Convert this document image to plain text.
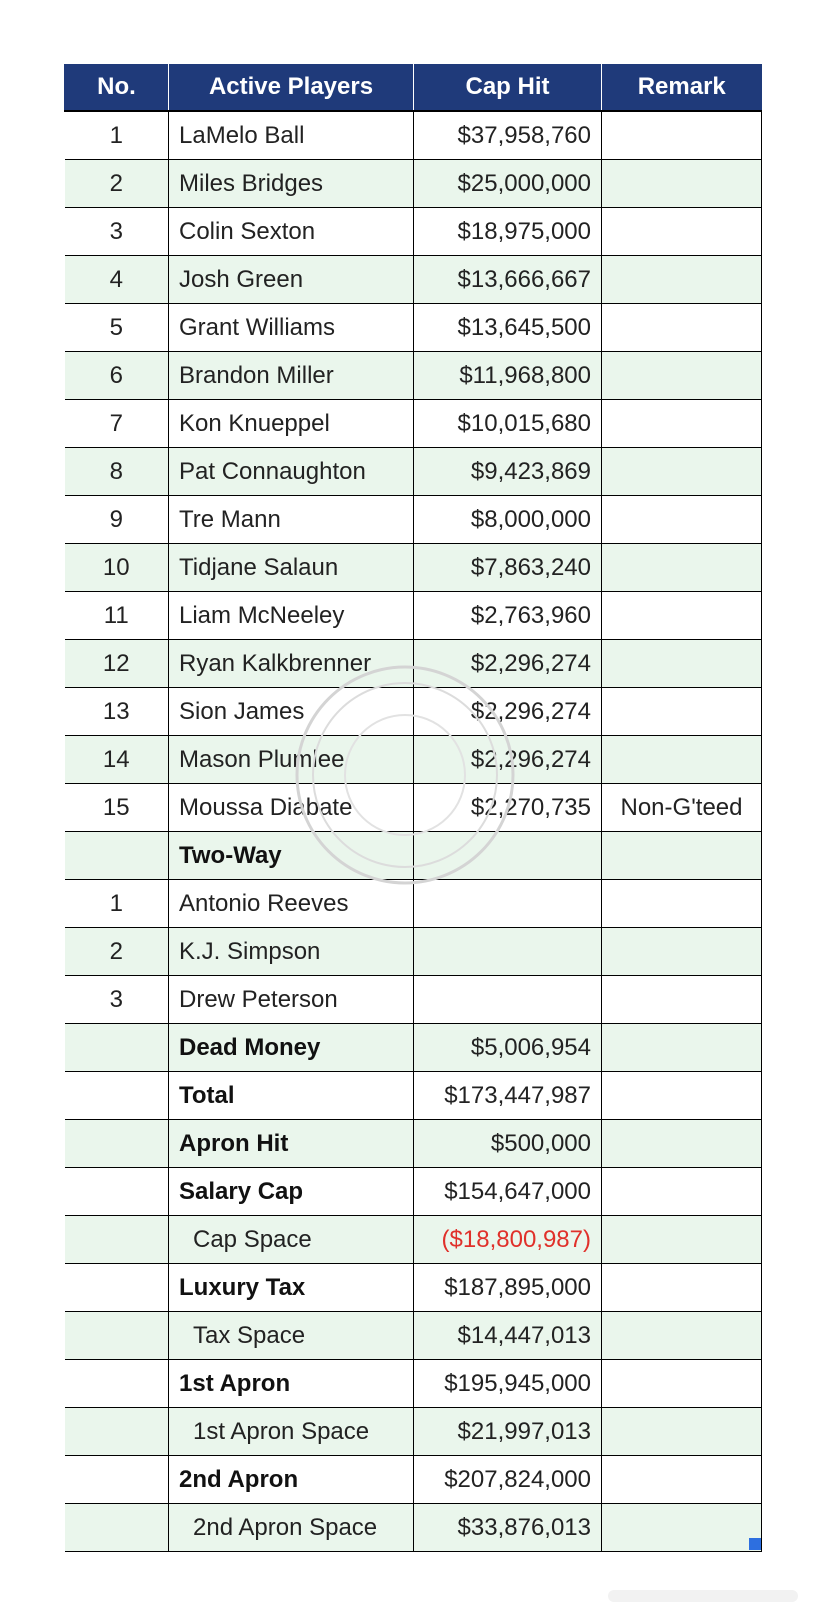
No.	Active Players	Cap Hit	Remark
1	LaMelo Ball	$37,958,760	
2	Miles Bridges	$25,000,000	
3	Colin Sexton	$18,975,000	
4	Josh Green	$13,666,667	
5	Grant Williams	$13,645,500	
6	Brandon Miller	$11,968,800	
7	Kon Knueppel	$10,015,680	
8	Pat Connaughton	$9,423,869	
9	Tre Mann	$8,000,000	
10	Tidjane Salaun	$7,863,240	
11	Liam McNeeley	$2,763,960	
12	Ryan Kalkbrenner	$2,296,274	
13	Sion James	$2,296,274	
14	Mason Plumlee	$2,296,274	
15	Moussa Diabate	$2,270,735	Non-G'teed
	Two-Way		
1	Antonio Reeves		
2	K.J. Simpson		
3	Drew Peterson		
	Dead Money	$5,006,954	
	Total	$173,447,987	
	Apron Hit	$500,000	
	Salary Cap	$154,647,000	
	Cap Space	($18,800,987)	
	Luxury Tax	$187,895,000	
	Tax Space	$14,447,013	
	1st Apron	$195,945,000	
	1st Apron Space	$21,997,013	
	2nd Apron	$207,824,000	
	2nd Apron Space	$33,876,013	
